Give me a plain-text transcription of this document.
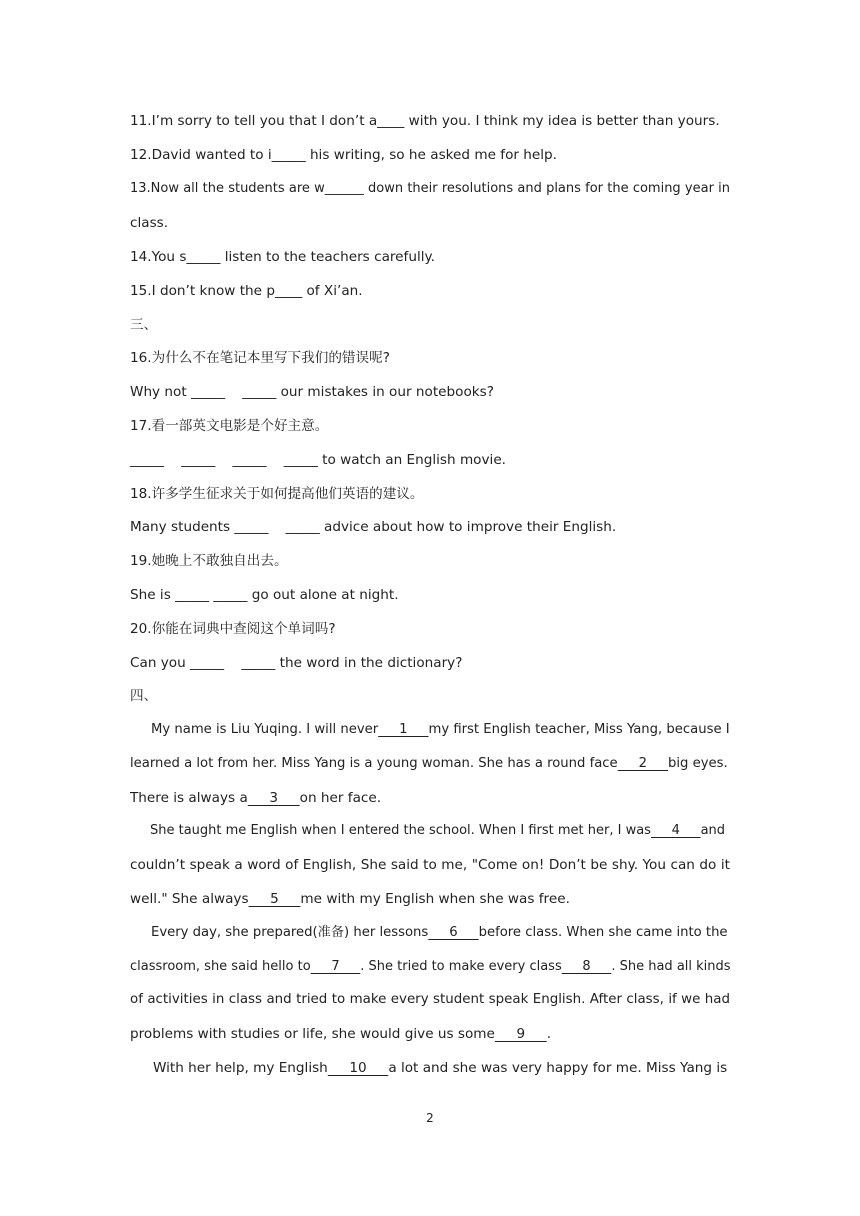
11.I’m sorry to tell you that I don’t a____ with you. I think my idea is better than yours.
12.David wanted to i_____ his writing, so he asked me for help.
13.Now all the students are w______ down their resolutions and plans for the coming year in
class.
14.You s_____ listen to the teachers carefully.
15.I don’t know the p____ of Xi’an.
三、
16.为什么不在笔记本里写下我们的错误呢?
Why not _____    _____ our mistakes in our notebooks?
17.看一部英文电影是个好主意。
_____    _____    _____    _____ to watch an English movie.
18.许多学生征求关于如何提高他们英语的建议。
Many students _____    _____ advice about how to improve their English.
19.她晚上不敢独自出去。
She is _____ _____ go out alone at night.
20.你能在词典中查阅这个单词吗?
Can you _____    _____ the word in the dictionary?
四、
My name is Liu Yuqing. I will never     1     my first English teacher, Miss Yang, because I
learned a lot from her. Miss Yang is a young woman. She has a round face     2     big eyes.
There is always a     3     on her face.
She taught me English when I entered the school. When I first met her, I was     4     and
couldn’t speak a word of English, She said to me, "Come on! Don’t be shy. You can do it
well." She always     5     me with my English when she was free.
Every day, she prepared(准备) her lessons     6     before class. When she came into the
classroom, she said hello to     7     . She tried to make every class     8     . She had all kinds
of activities in class and tried to make every student speak English. After class, if we had
problems with studies or life, she would give us some     9     .
With her help, my English     10     a lot and she was very happy for me. Miss Yang is
2
